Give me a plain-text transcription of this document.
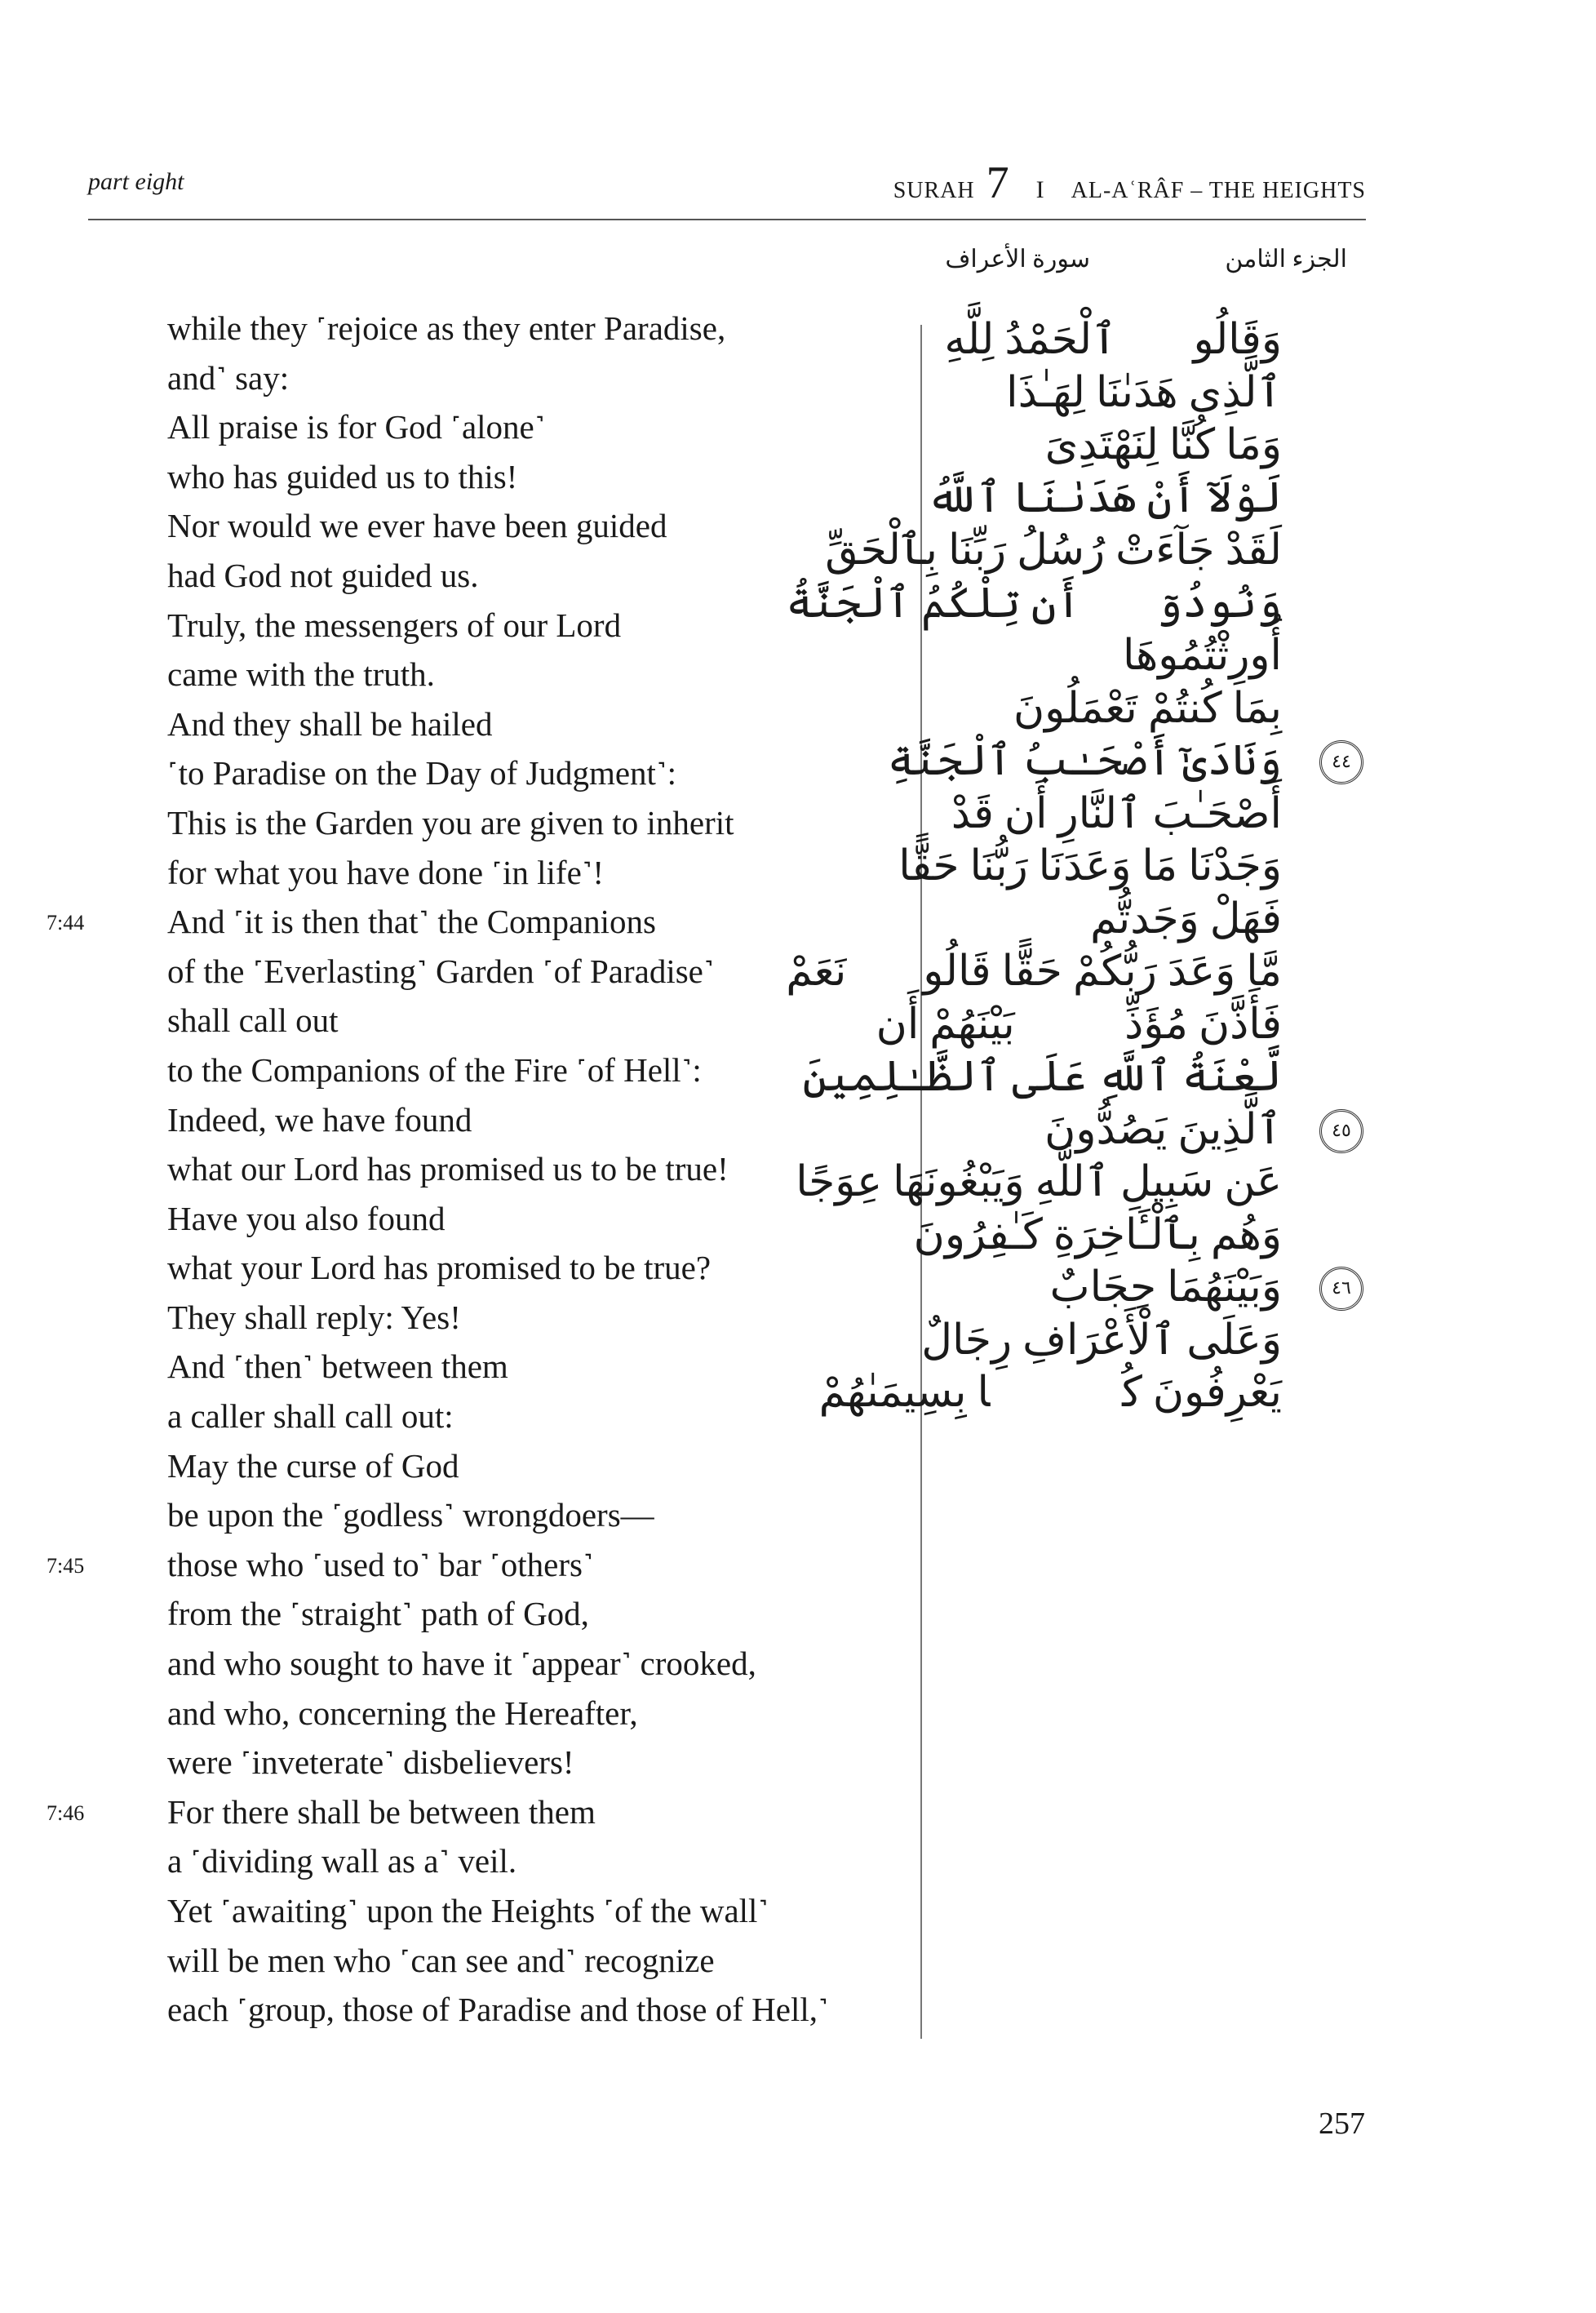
part eight	SURAH 7 I AL-AʿRÂF – THE HEIGHTS
الجزء الثامن
سورة الأعراف
while they ˹rejoice as they enter Paradise,
and˺ say:
All praise is for God ˹alone˺
who has guided us to this!
Nor would we ever have been guided
had God not guided us.
Truly, the messengers of our Lord
came with the truth.
And they shall be hailed
˹to Paradise on the Day of Judgment˺:
This is the Garden you are given to inherit
for what you have done ˹in life˺!
7:44 And ˹it is then that˺ the Companions
of the ˹Everlasting˺ Garden ˹of Paradise˺
shall call out
to the Companions of the Fire ˹of Hell˺:
Indeed, we have found
what our Lord has promised us to be true!
Have you also found
what your Lord has promised to be true?
They shall reply: Yes!
And ˹then˺ between them
a caller shall call out:
May the curse of God
be upon the ˹godless˺ wrongdoers—
7:45 those who ˹used to˺ bar ˹others˺
from the ˹straight˺ path of God,
and who sought to have it ˹appear˺ crooked,
and who, concerning the Hereafter,
were ˹inveterate˺ disbelievers!
7:46 For there shall be between them
a ˹dividing wall as a˺ veil.
Yet ˹awaiting˺ upon the Heights ˹of the wall˺
will be men who ˹can see and˺ recognize
each ˹group, those of Paradise and those of Hell,˺
وَقَالُوا۟ ٱلْحَمْدُ لِلَّهِ
ٱلَّذِى هَدَىٰنَا لِهَـٰذَا
وَمَا كُنَّا لِنَهْتَدِىَ
لَوْلَآ أَنْ هَدَىٰنَا ٱللَّهُ
لَقَدْ جَآءَتْ رُسُلُ رَبِّنَا بِٱلْحَقِّ
وَنُودُوٓا۟ أَن تِلْكُمُ ٱلْجَنَّةُ
أُورِثْتُمُوهَا
بِمَا كُنتُمْ تَعْمَلُونَ
٤٤
وَنَادَىٰٓ أَصْحَـٰبُ ٱلْجَنَّةِ
أَصْحَـٰبَ ٱلنَّارِ أَن قَدْ
وَجَدْنَا مَا وَعَدَنَا رَبُّنَا حَقًّا
فَهَلْ وَجَدتُّم
مَّا وَعَدَ رَبُّكُمْ حَقًّا قَالُوا۟ نَعَمْ
فَأَذَّنَ مُؤَذِّنٌۢ بَيْنَهُمْ أَن
لَّعْنَةُ ٱللَّهِ عَلَى ٱلظَّـٰلِمِينَ
٤٥
ٱلَّذِينَ يَصُدُّونَ
عَن سَبِيلِ ٱللَّهِ وَيَبْغُونَهَا عِوَجًا
وَهُم بِٱلْـَٔاخِرَةِ كَـٰفِرُونَ
٤٦
وَبَيْنَهُمَا حِجَابٌ
وَعَلَى ٱلْأَعْرَافِ رِجَالٌ
يَعْرِفُونَ كُلًّۢا بِسِيمَىٰهُمْ
257
